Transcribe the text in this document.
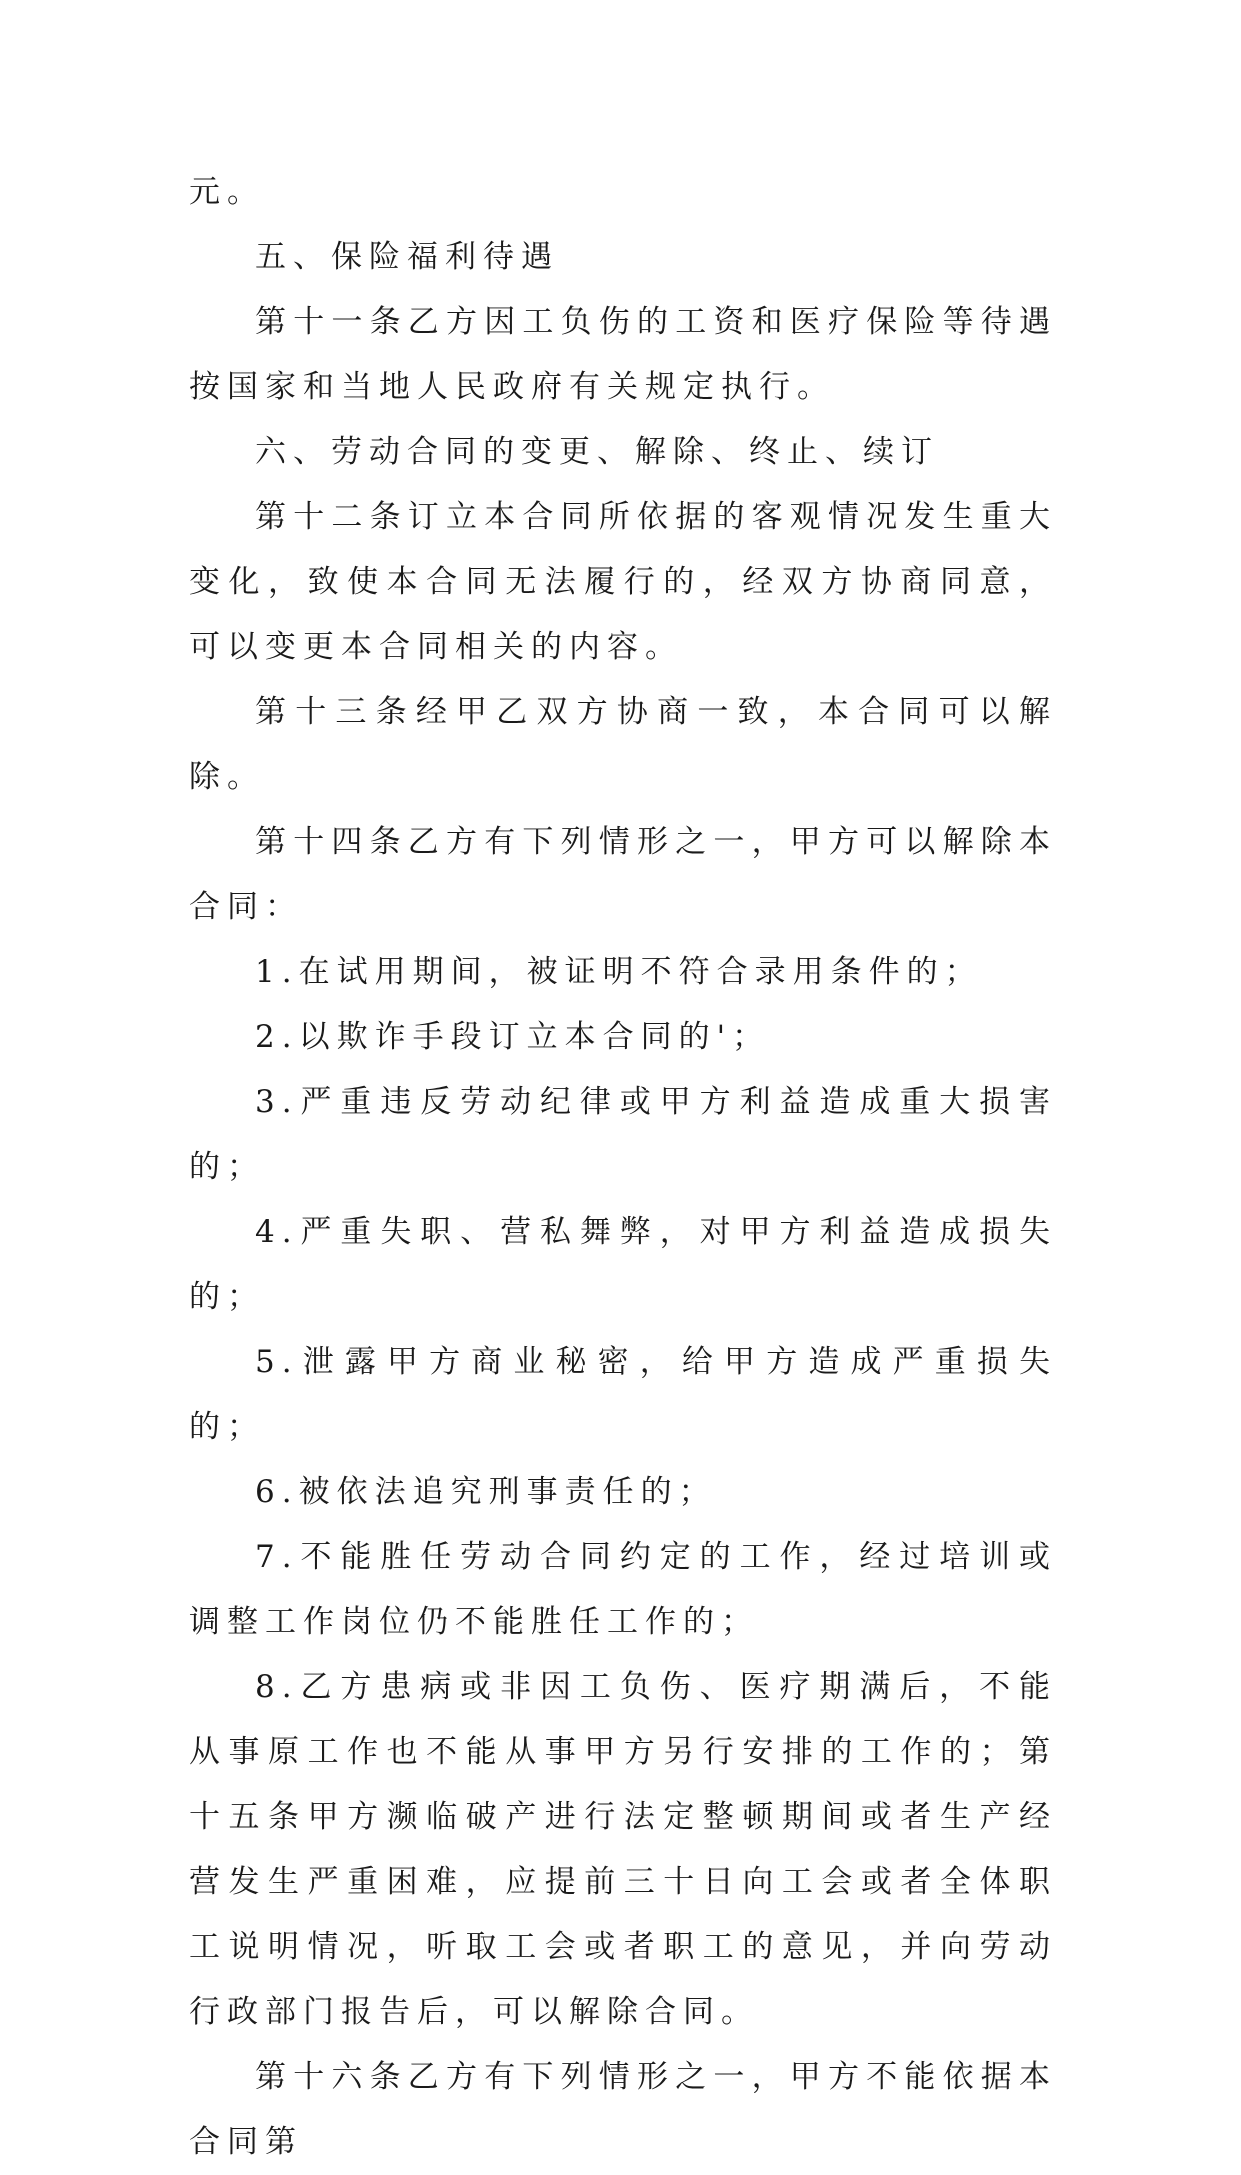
元。

五、保险福利待遇

第十一条乙方因工负伤的工资和医疗保险等待遇按国家和当地人民政府有关规定执行。

六、劳动合同的变更、解除、终止、续订

第十二条订立本合同所依据的客观情况发生重大变化，致使本合同无法履行的，经双方协商同意，可以变更本合同相关的内容。

第十三条经甲乙双方协商一致，本合同可以解除。

第十四条乙方有下列情形之一，甲方可以解除本合同：

1.在试用期间，被证明不符合录用条件的；

2.以欺诈手段订立本合同的'；

3.严重违反劳动纪律或甲方利益造成重大损害的；

4.严重失职、营私舞弊，对甲方利益造成损失的；

5.泄露甲方商业秘密，给甲方造成严重损失的；

6.被依法追究刑事责任的；

7.不能胜任劳动合同约定的工作，经过培训或调整工作岗位仍不能胜任工作的；

8.乙方患病或非因工负伤、医疗期满后，不能从事原工作也不能从事甲方另行安排的工作的；第十五条甲方濒临破产进行法定整顿期间或者生产经营发生严重困难，应提前三十日向工会或者全体职工说明情况，听取工会或者职工的意见，并向劳动行政部门报告后，可以解除合同。

第十六条乙方有下列情形之一，甲方不能依据本合同第
